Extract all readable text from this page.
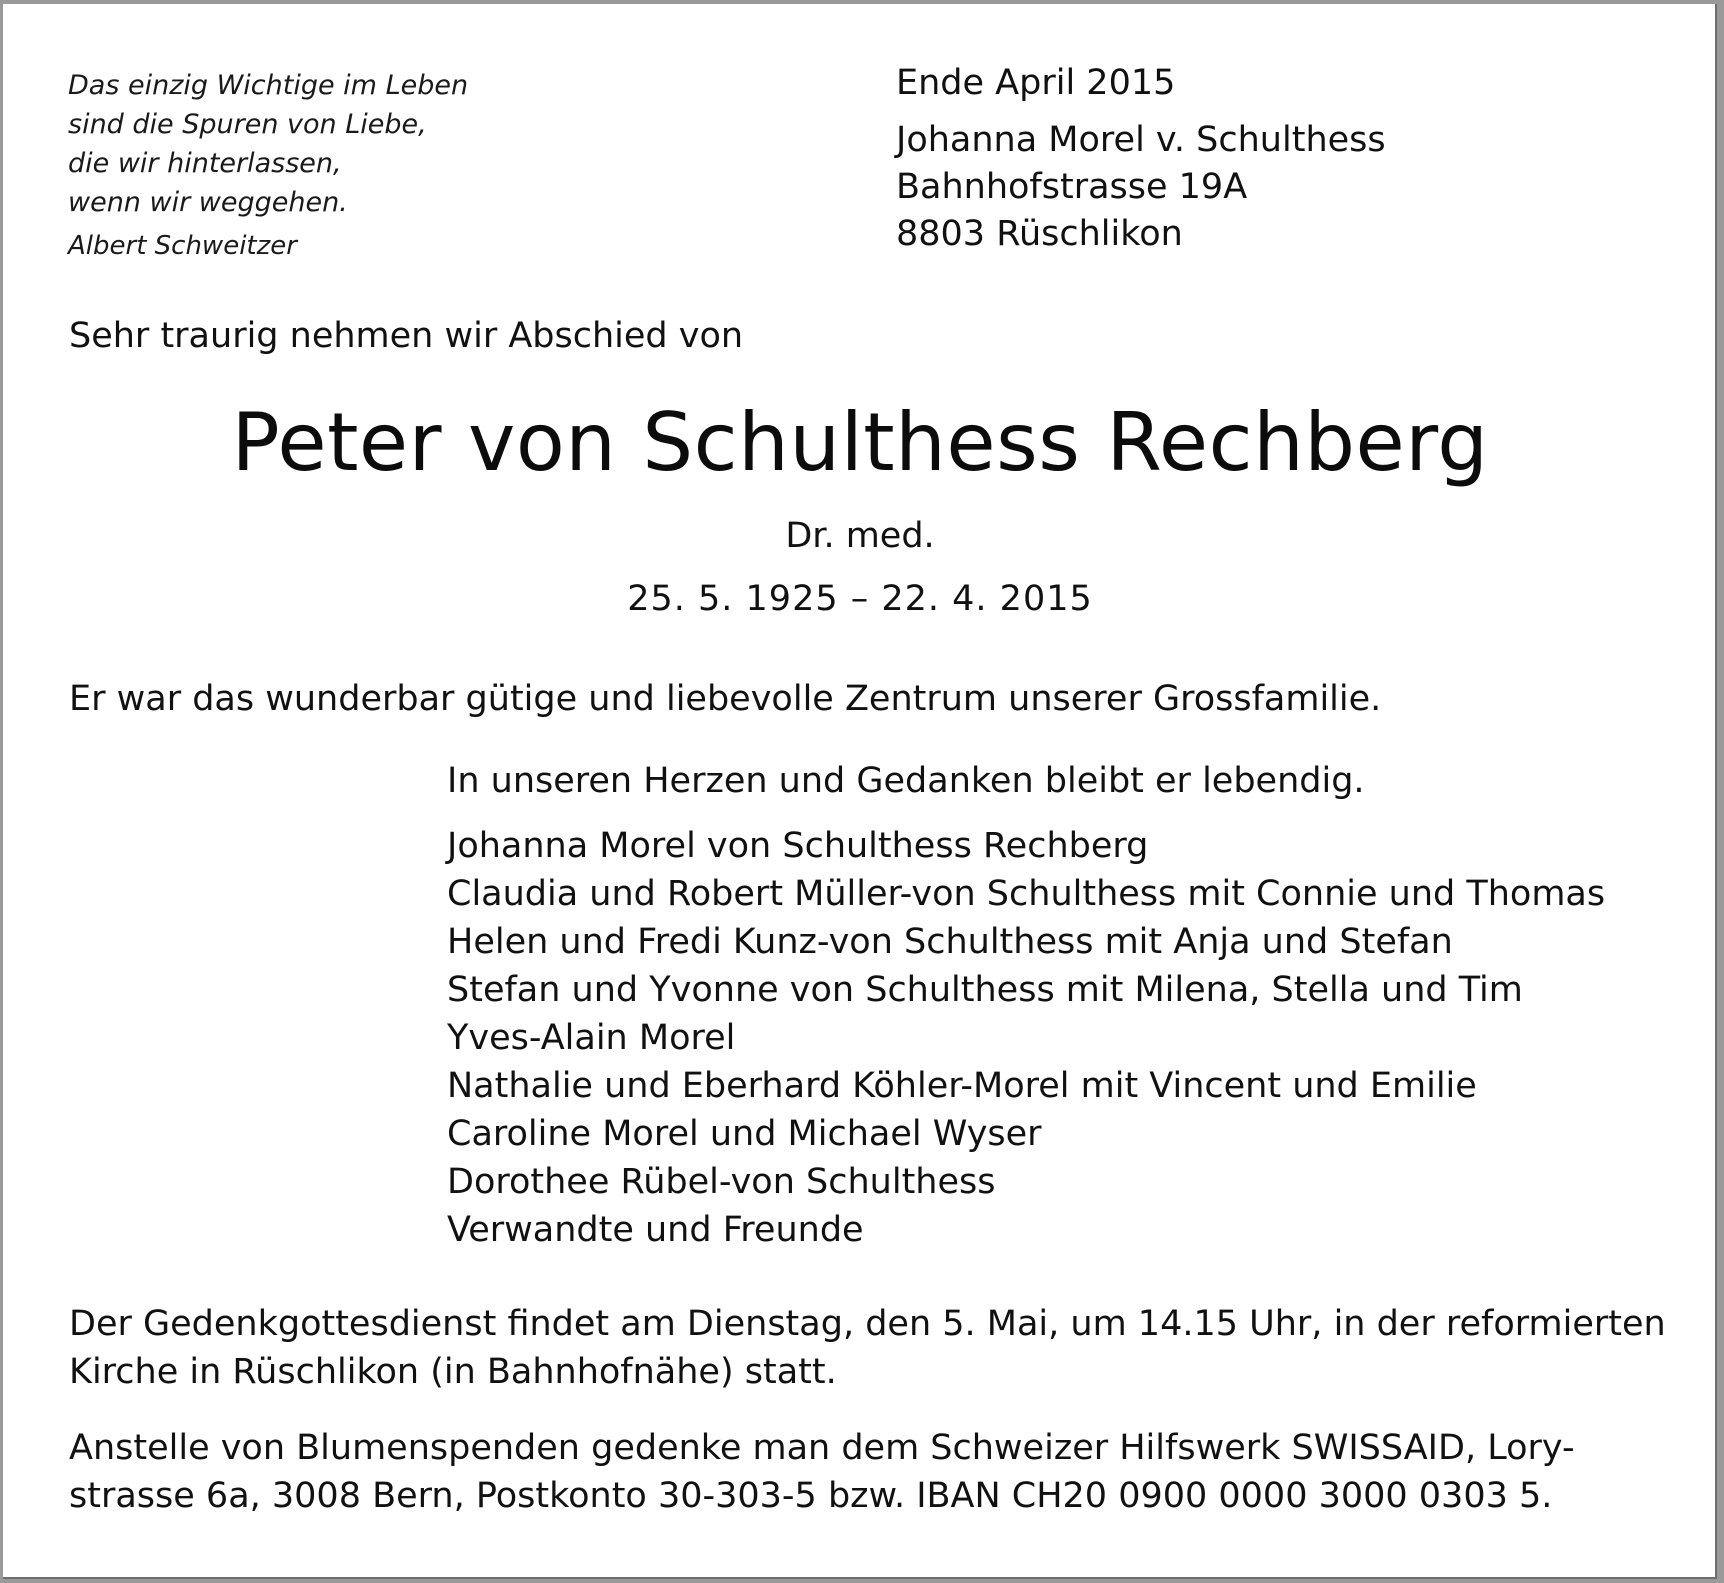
Das einzig Wichtige im Leben
sind die Spuren von Liebe,
die wir hinterlassen,
wenn wir weggehen.
Albert Schweitzer
Ende April 2015
Johanna Morel v. Schulthess
Bahnhofstrasse 19A
8803 Rüschlikon
Sehr traurig nehmen wir Abschied von
Peter von Schulthess Rechberg
Dr. med.
25. 5. 1925 – 22. 4. 2015
Er war das wunderbar gütige und liebevolle Zentrum unserer Grossfamilie.
In unseren Herzen und Gedanken bleibt er lebendig.
Johanna Morel von Schulthess Rechberg
Claudia und Robert Müller-von Schulthess mit Connie und Thomas
Helen und Fredi Kunz-von Schulthess mit Anja und Stefan
Stefan und Yvonne von Schulthess mit Milena, Stella und Tim
Yves-Alain Morel
Nathalie und Eberhard Köhler-Morel mit Vincent und Emilie
Caroline Morel und Michael Wyser
Dorothee Rübel-von Schulthess
Verwandte und Freunde
Der Gedenkgottesdienst findet am Dienstag, den 5. Mai, um 14.15 Uhr, in der reformierten
Kirche in Rüschlikon (in Bahnhofnähe) statt.
Anstelle von Blumenspenden gedenke man dem Schweizer Hilfswerk SWISSAID, Lory-
strasse 6a, 3008 Bern, Postkonto 30-303-5 bzw. IBAN CH20 0900 0000 3000 0303 5.
